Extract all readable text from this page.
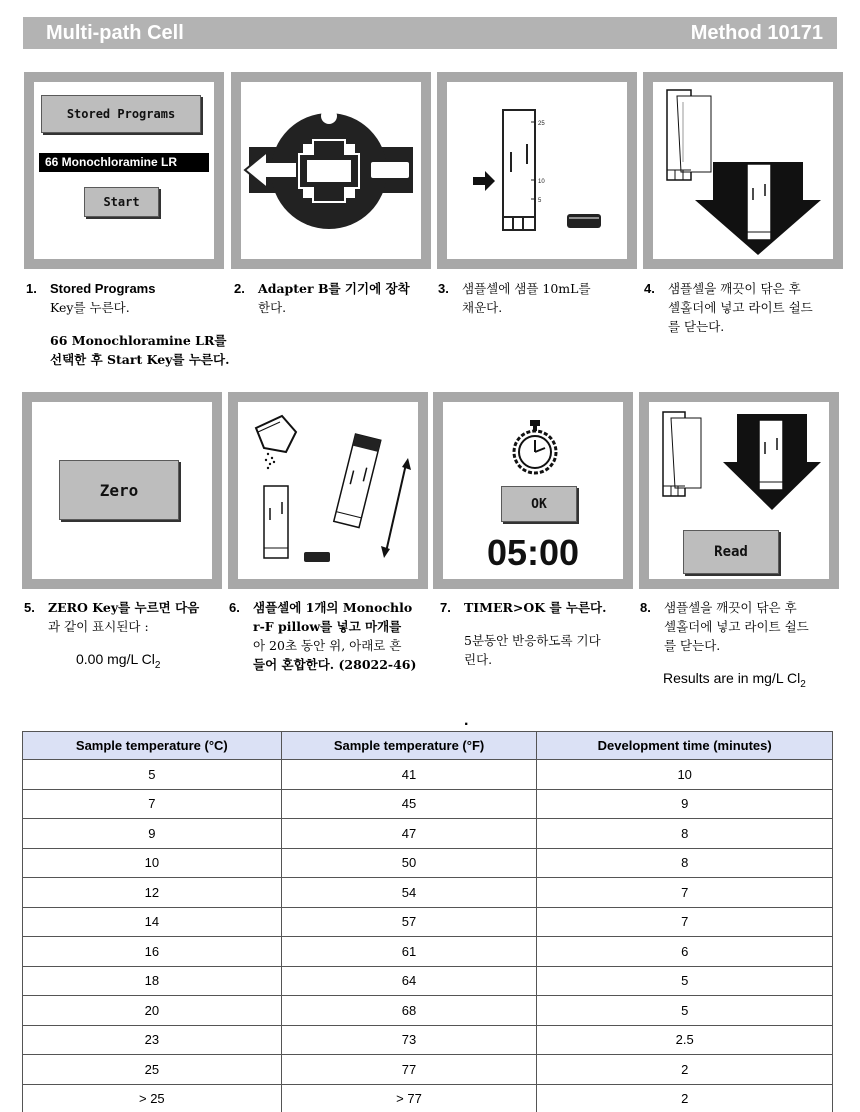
Multi-path Cell	Method 10171
Stored Programs
66 Monochloramine LR
Start
B
25
10
5
1. Stored Programs
Key를 누른다.
66 Monochloramine LR를
선택한 후 Start Key를 누른다.
2. Adapter B를 기기에 장착
한다.
3. 샘플셀에 샘플 10mL를
채운다.
4. 샘플셀을 깨끗이 닦은 후
셀홀더에 넣고 라이트 쉴드
를 닫는다.
Zero
OK
05:00	Read
5. ZERO Key를 누르면 다음
과 같이 표시된다 :
0.00 mg/L $Cl_2$
6. 샘플셀에 1개의 Monochlo
r-F pillow를 넣고 마개를
아 20초 동안 위, 아래로 흔
들어 혼합한다. (28022-46)
7. TIMER>OK 를 누른다.
5분동안 반응하도록 기다
린다.
8. 샘플셀을 깨끗이 닦은 후
셀홀더에 넣고 라이트 쉴드
를 닫는다.
Results are in mg/L $Cl_2$
.
Sample temperature (°C)	Sample temperature (°F)	Development time (minutes)
5	41	10
7	45	9
9	47	8
10	50	8
12	54	7
14	57	7
16	61	6
18	64	5
20	68	5
23	73	2.5
25	77	2
> 25	> 77	2
